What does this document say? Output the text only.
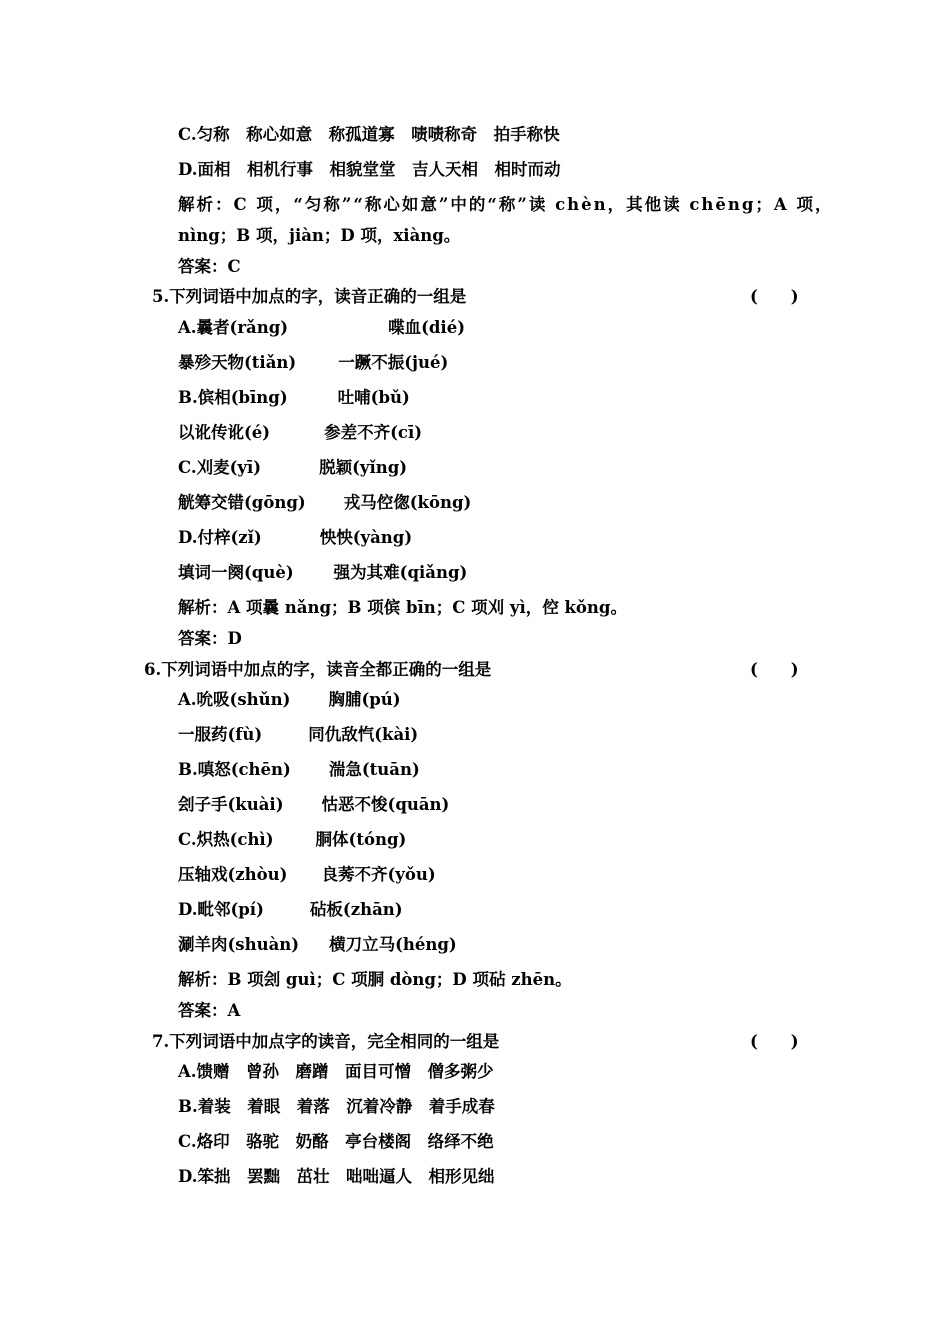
C.匀称　称心如意　称孤道寡　啧啧称奇　拍手称快
D.面相　相机行事　相貌堂堂　吉人天相　相时而动
解析：C 项，“匀称”“称心如意”中的“称”读 chèn，其他读 chēng；A 项，
nìng；B 项，jiàn；D 项，xiàng。
答案：C
5.下列词语中加点的字，读音正确的一组是	(　　)
A.曩者(rǎng)	喋血(dié)
暴殄天物(tiǎn)	一蹶不振(jué)
B.傧相(bīng)	吐哺(bǔ)
以讹传讹(é)	参差不齐(cī)
C.刈麦(yī)	脱颖(yǐng)
觥筹交错(gōng) 戎马倥偬(kōng)
D.付梓(zǐ)	怏怏(yàng)
填词一阕(què) 强为其难(qiǎng)
解析：A 项曩 nǎng；B 项傧 bīn；C 项刈 yì，倥 kǒng。
答案：D
6.下列词语中加点的字，读音全都正确的一组是	(　　)
A.吮吸(shǔn) 胸脯(pú)
一服药(fù)	同仇敌忾(kài)
B.嗔怒(chēn) 湍急(tuān)
刽子手(kuài) 怙恶不悛(quān)
C.炽热(chì)	胴体(tóng)
压轴戏(zhòu) 良莠不齐(yǒu)
D.毗邻(pí)	砧板(zhān)
涮羊肉(shuàn) 横刀立马(héng)
解析：B 项刽 guì；C 项胴 dòng；D 项砧 zhēn。
答案：A
7.下列词语中加点字的读音，完全相同的一组是	(　　)
A.馈赠　曾孙　磨蹭　面目可憎　僧多粥少
B.着装　着眼　着落　沉着冷静　着手成春
C.烙印　骆驼　奶酪　亭台楼阁　络绎不绝
D.笨拙　罢黜　茁壮　咄咄逼人　相形见绌
